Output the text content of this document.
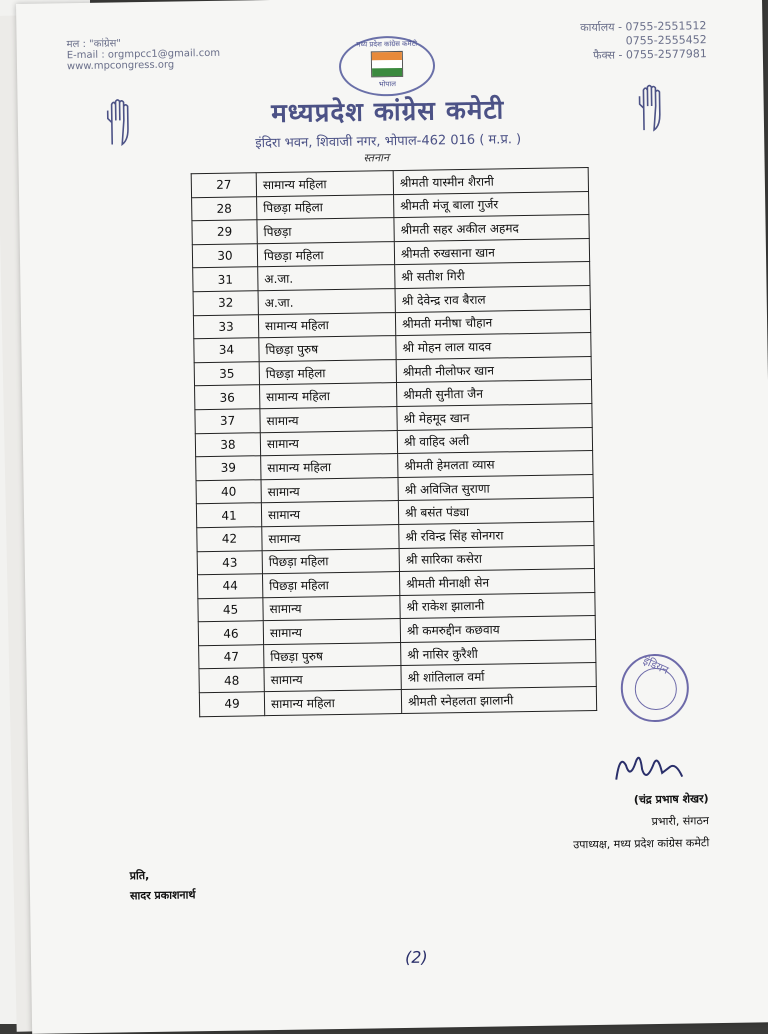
मल : "कांग्रेस"
E-mail : orgmpcc1@gmail.com
www.mpcongress.org
कार्यालय - 0755-2551512
0755-2555452
फैक्स - 0755-2577981
मध्य प्रदेश कांग्रेस कमेटी
भोपाल
मध्यप्रदेश कांग्रेस कमेटी
इंदिरा भवन, शिवाजी नगर, भोपाल-462 016 ( म.प्र. )
स्तनान
27	सामान्य महिला	श्रीमती यास्मीन शैरानी
28	पिछड़ा महिला	श्रीमती मंजू बाला गुर्जर
29	पिछड़ा	श्रीमती सहर अकील अहमद
30	पिछड़ा महिला	श्रीमती रुखसाना खान
31	अ.जा.	श्री सतीश गिरी
32	अ.जा.	श्री देवेन्द्र राव बैराल
33	सामान्य महिला	श्रीमती मनीषा चौहान
34	पिछड़ा पुरुष	श्री मोहन लाल यादव
35	पिछड़ा महिला	श्रीमती नीलोफर खान
36	सामान्य महिला	श्रीमती सुनीता जैन
37	सामान्य	श्री मेहमूद खान
38	सामान्य	श्री वाहिद अली
39	सामान्य महिला	श्रीमती हेमलता व्यास
40	सामान्य	श्री अविजित सुराणा
41	सामान्य	श्री बसंत पंड्या
42	सामान्य	श्री रविन्द्र सिंह सोनगरा
43	पिछड़ा महिला	श्री सारिका कसेरा
44	पिछड़ा महिला	श्रीमती मीनाक्षी सेन
45	सामान्य	श्री राकेश झालानी
46	सामान्य	श्री कमरुद्दीन कछवाय
47	पिछड़ा पुरुष	श्री नासिर कुरैशी
48	सामान्य	श्री शांतिलाल वर्मा
49	सामान्य महिला	श्रीमती स्नेहलता झालानी
इंडियन
(चंद्र प्रभाष शेखर)
प्रभारी, संगठन
उपाध्यक्ष, मध्य प्रदेश कांग्रेस कमेटी
प्रति,
सादर प्रकाशनार्थ
(2)
